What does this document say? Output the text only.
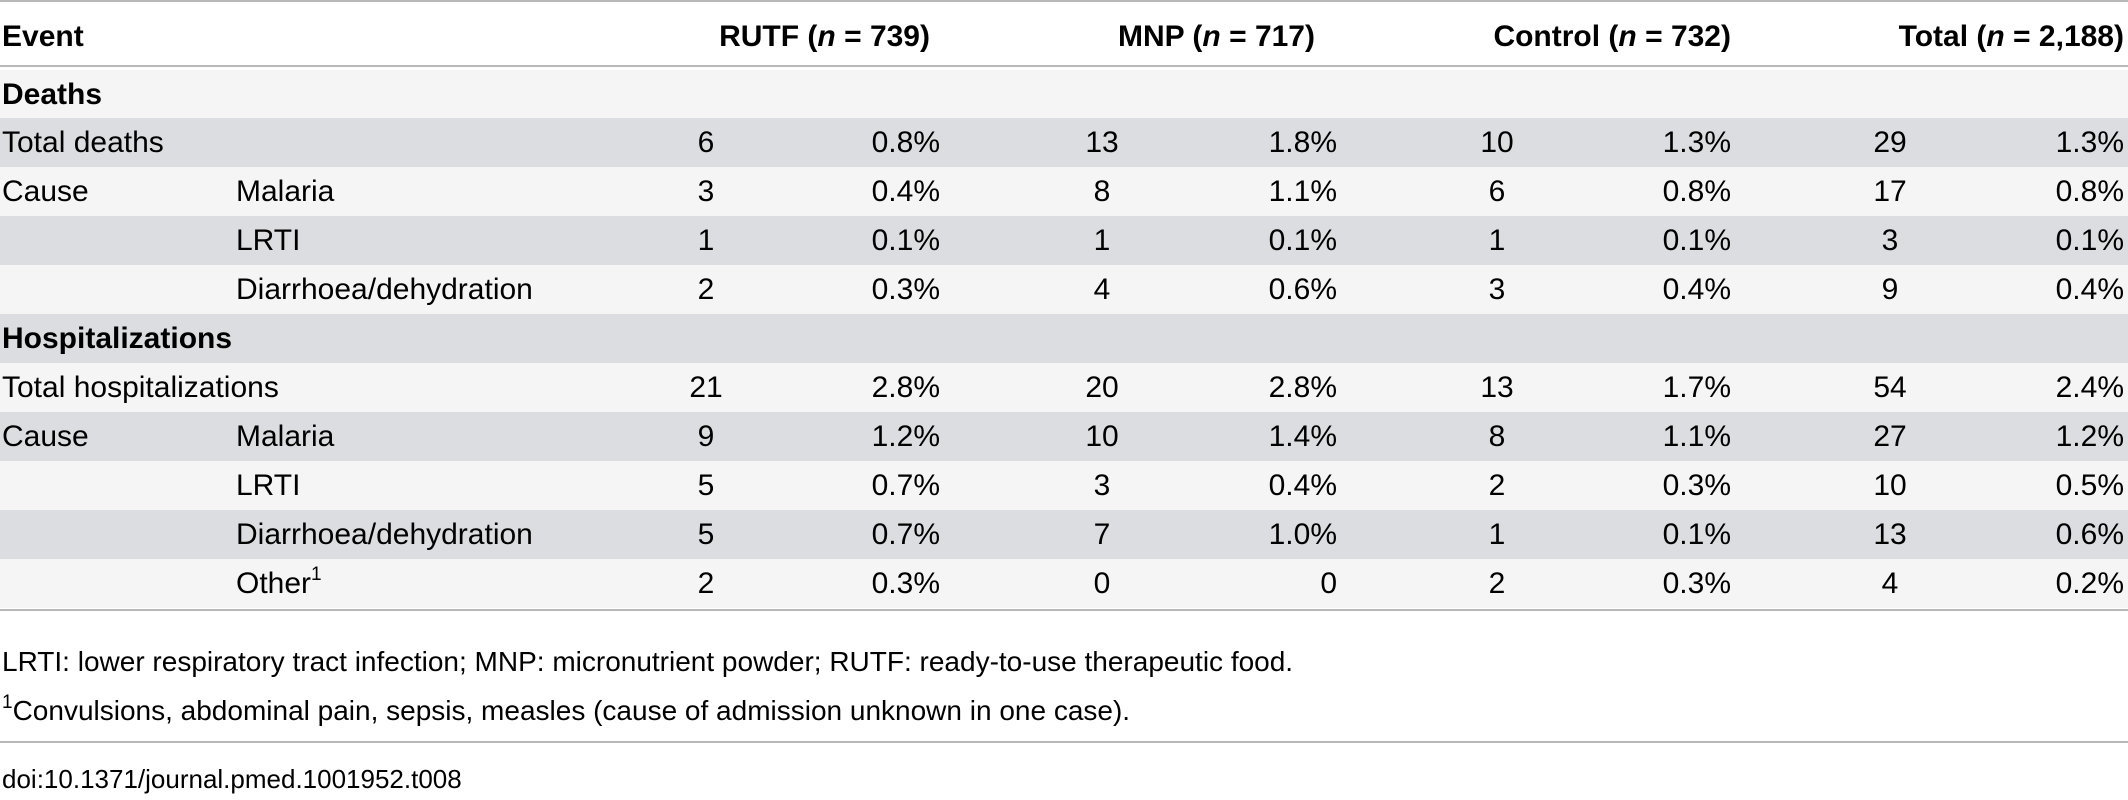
Event	RUTF (n = 739)	MNP (n = 717)	Control (n = 732)	Total (n = 2,188)
Deaths
Total deaths	6	0.8%	13	1.8%	10	1.3%	29	1.3%
Cause	Malaria	3	0.4%	8	1.1%	6	0.8%	17	0.8%
LRTI	1	0.1%	1	0.1%	1	0.1%	3	0.1%
Diarrhoea/dehydration	2	0.3%	4	0.6%	3	0.4%	9	0.4%
Hospitalizations
Total hospitalizations	21	2.8%	20	2.8%	13	1.7%	54	2.4%
Cause	Malaria	9	1.2%	10	1.4%	8	1.1%	27	1.2%
LRTI	5	0.7%	3	0.4%	2	0.3%	10	0.5%
Diarrhoea/dehydration	5	0.7%	7	1.0%	1	0.1%	13	0.6%
Other$^1$	2	0.3%	0	0	2	0.3%	4	0.2%
LRTI: lower respiratory tract infection; MNP: micronutrient powder; RUTF: ready-to-use therapeutic food.
$^1$Convulsions, abdominal pain, sepsis, measles (cause of admission unknown in one case).
doi:10.1371/journal.pmed.1001952.t008
